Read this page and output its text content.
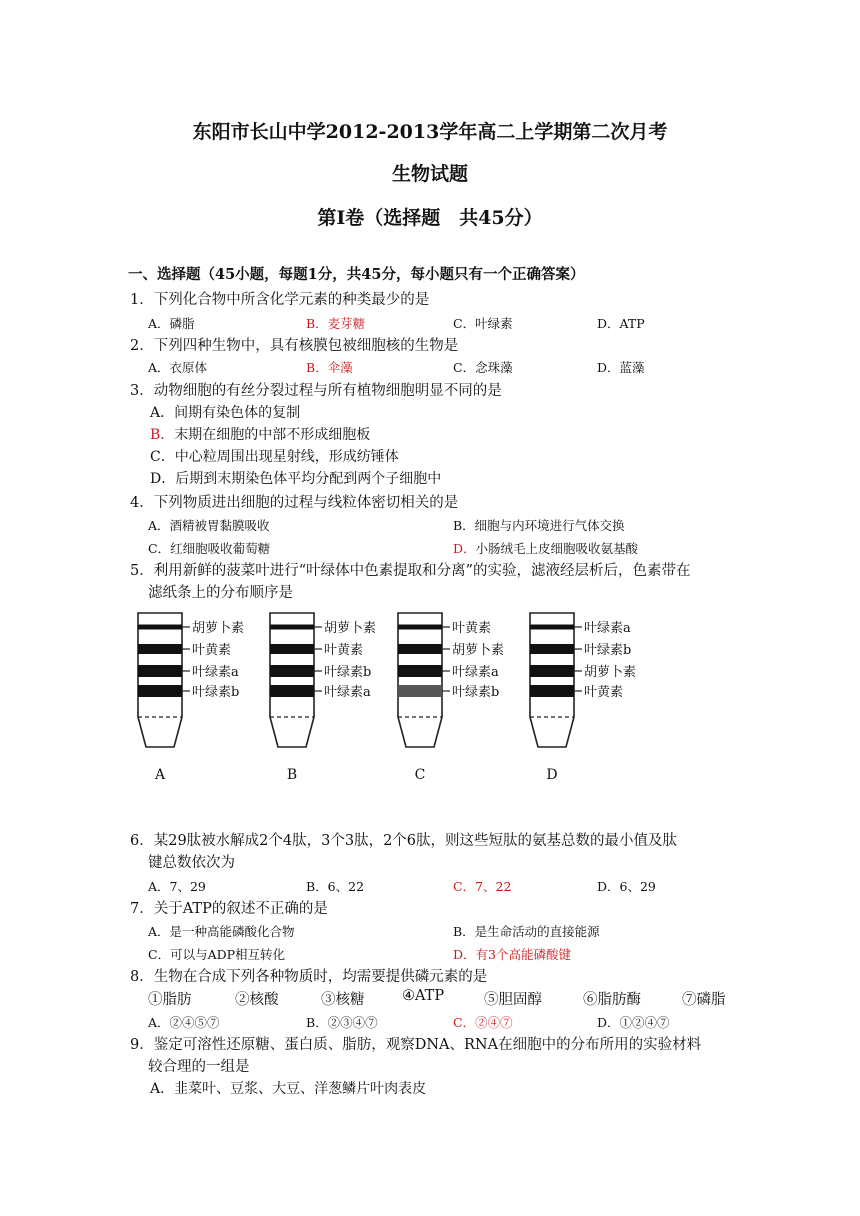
东阳市长山中学2012-2013学年高二上学期第二次月考
生物试题
第I卷（选择题　共45分）
一、选择题（45小题，每题1分，共45分，每小题只有一个正确答案）
1．下列化合物中所含化学元素的种类最少的是
A．磷脂	B．麦芽糖	C．叶绿素	D．ATP
2．下列四种生物中，具有核膜包被细胞核的生物是
A．衣原体	B．伞藻	C．念珠藻	D．蓝藻
3．动物细胞的有丝分裂过程与所有植物细胞明显不同的是
A．间期有染色体的复制
B．末期在细胞的中部不形成细胞板
C．中心粒周围出现星射线，形成纺锤体
D．后期到末期染色体平均分配到两个子细胞中
4．下列物质进出细胞的过程与线粒体密切相关的是
A．酒精被胃黏膜吸收	B．细胞与内环境进行气体交换
C．红细胞吸收葡萄糖	D．小肠绒毛上皮细胞吸收氨基酸
5．利用新鲜的菠菜叶进行“叶绿体中色素提取和分离”的实验，滤液经层析后，色素带在
滤纸条上的分布顺序是
胡萝卜素
叶黄素
叶绿素a
叶绿素b
A
胡萝卜素
叶黄素
叶绿素b
叶绿素a
B
叶黄素
胡萝卜素
叶绿素a
叶绿素b
C
叶绿素a
叶绿素b
胡萝卜素
叶黄素
D
6．某29肽被水解成2个4肽，3个3肽，2个6肽，则这些短肽的氨基总数的最小值及肽
键总数依次为
A．7、29	B．6、22	C．7、22	D．6、29
7．关于ATP的叙述不正确的是
A．是一种高能磷酸化合物	B．是生命活动的直接能源
C．可以与ADP相互转化	D．有3个高能磷酸键
8．生物在合成下列各种物质时，均需要提供磷元素的是
①脂肪	②核酸	③核糖	④ATP	⑤胆固醇	⑥脂肪酶	⑦磷脂
A．②④⑤⑦	B．②③④⑦	C．②④⑦	D．①②④⑦
9．鉴定可溶性还原糖、蛋白质、脂肪，观察DNA、RNA在细胞中的分布所用的实验材料
较合理的一组是
A．韭菜叶、豆浆、大豆、洋葱鳞片叶肉表皮
